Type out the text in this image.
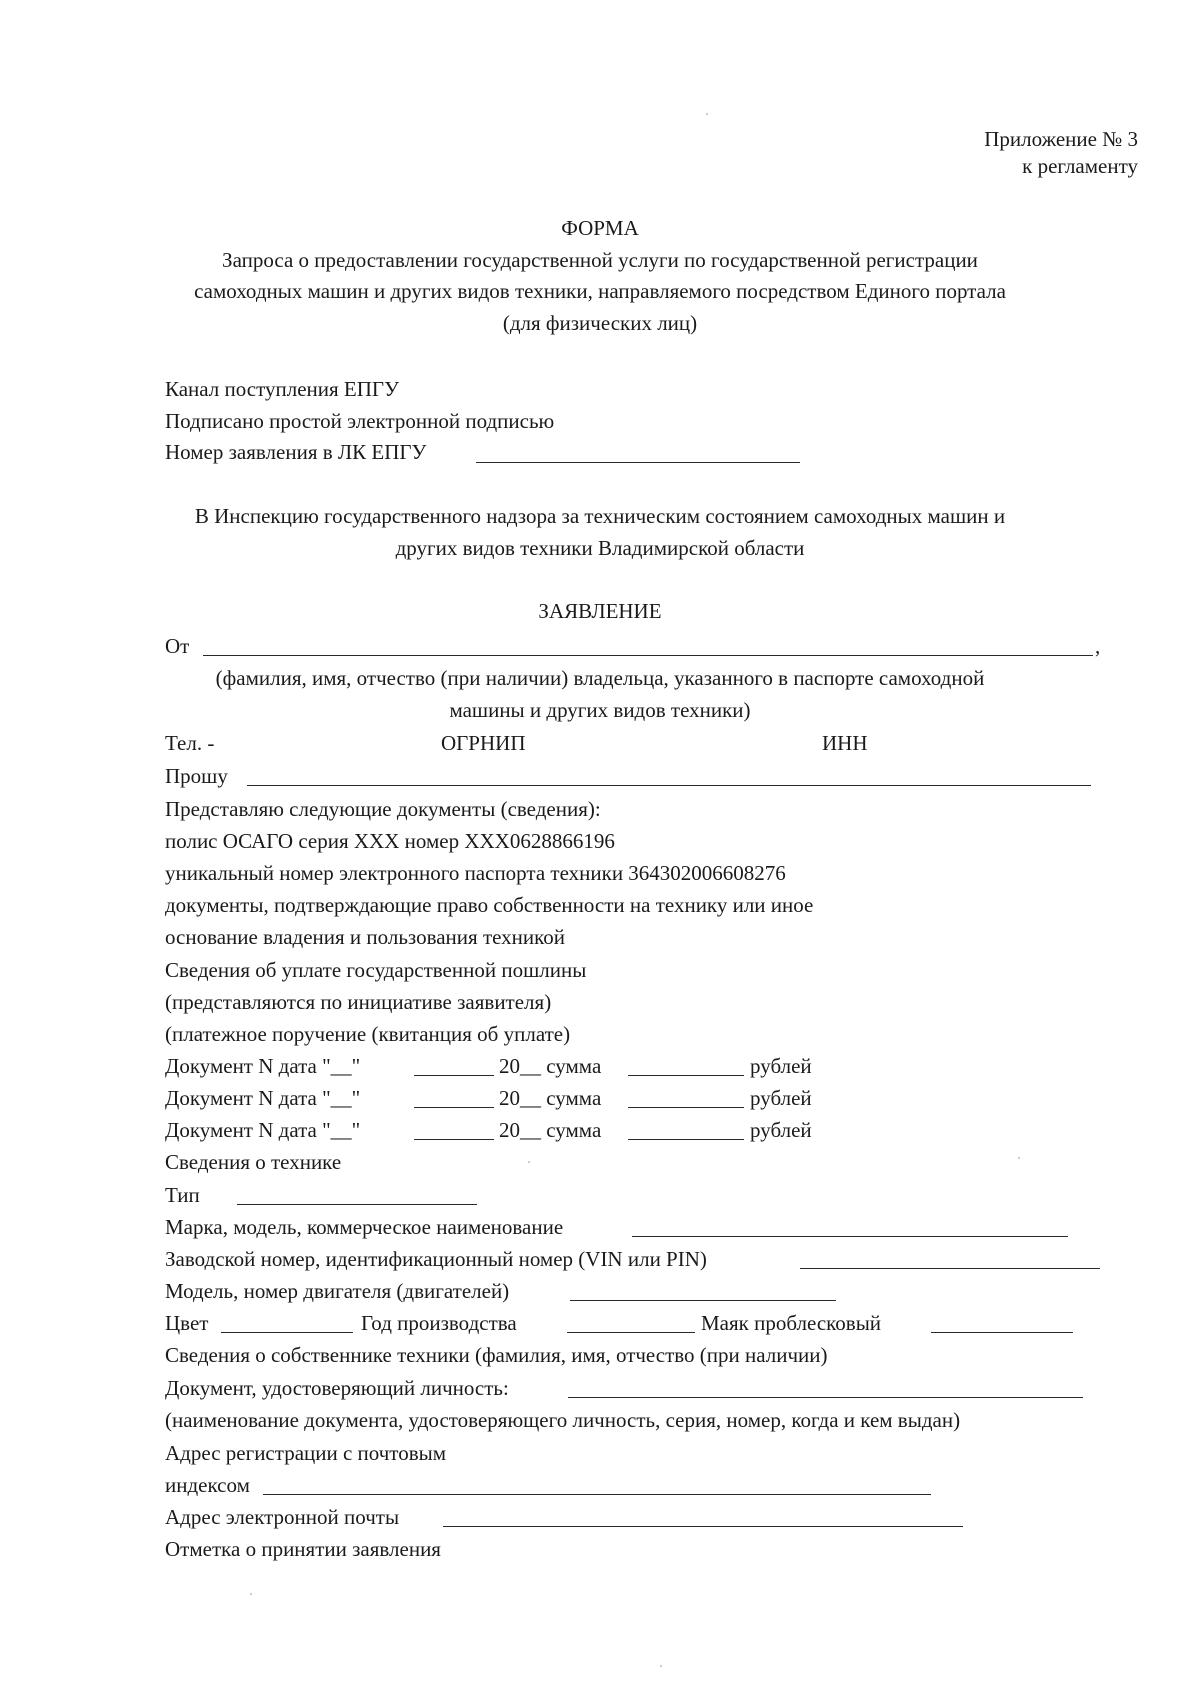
Приложение № 3
к регламенту
ФОРМА
Запроса о предоставлении государственной услуги по государственной регистрации
самоходных машин и других видов техники, направляемого посредством Единого портала
(для физических лиц)
Канал поступления ЕПГУ
Подписано простой электронной подписью
Номер заявления в ЛК ЕПГУ
В Инспекцию государственного надзора за техническим состоянием самоходных машин и
других видов техники Владимирской области
ЗАЯВЛЕНИЕ
От	,
(фамилия, имя, отчество (при наличии) владельца, указанного в паспорте самоходной
машины и других видов техники)
Тел. -	ОГРНИП	ИНН
Прошу
Представляю следующие документы (сведения):
полис ОСАГО серия ХХХ номер ХХХ0628866196
уникальный номер электронного паспорта техники 364302006608276
документы, подтверждающие право собственности на технику или иное
основание владения и пользования техникой
Сведения об уплате государственной пошлины
(представляются по инициативе заявителя)
(платежное поручение (квитанция об уплате)
Документ N дата "__"	20__ сумма	рублей
Документ N дата "__"	20__ сумма	рублей
Документ N дата "__"	20__ сумма	рублей
Сведения о технике
Тип
Марка, модель, коммерческое наименование
Заводской номер, идентификационный номер (VIN или PIN)
Модель, номер двигателя (двигателей)
Цвет	Год производства	Маяк проблесковый
Сведения о собственнике техники (фамилия, имя, отчество (при наличии)
Документ, удостоверяющий личность:
(наименование документа, удостоверяющего личность, серия, номер, когда и кем выдан)
Адрес регистрации с почтовым
индексом
Адрес электронной почты
Отметка о принятии заявления
